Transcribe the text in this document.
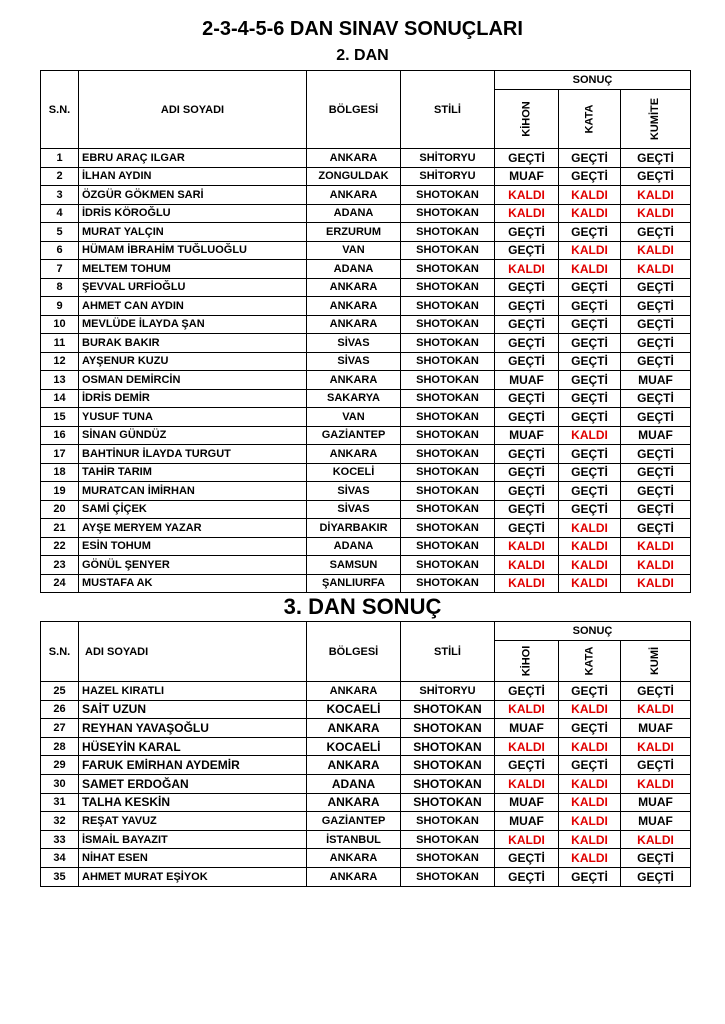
2-3-4-5-6 DAN SINAV SONUÇLARI
2. DAN
S.N.	ADI SOYADI	BÖLGESİ	STİLİ	SONUÇ		
				KİHON	KATA	KUMİTE
1	EBRU ARAÇ ILGAR	ANKARA	SHİTORYU	GEÇTİ	GEÇTİ	GEÇTİ
2	İLHAN AYDIN	ZONGULDAK	SHİTORYU	MUAF	GEÇTİ	GEÇTİ
3	ÖZGÜR GÖKMEN SARİ	ANKARA	SHOTOKAN	KALDI	KALDI	KALDI
4	İDRİS KÖROĞLU	ADANA	SHOTOKAN	KALDI	KALDI	KALDI
5	MURAT YALÇIN	ERZURUM	SHOTOKAN	GEÇTİ	GEÇTİ	GEÇTİ
6	HÜMAM İBRAHİM TUĞLUOĞLU	VAN	SHOTOKAN	GEÇTİ	KALDI	KALDI
7	MELTEM TOHUM	ADANA	SHOTOKAN	KALDI	KALDI	KALDI
8	ŞEVVAL URFİOĞLU	ANKARA	SHOTOKAN	GEÇTİ	GEÇTİ	GEÇTİ
9	AHMET CAN AYDIN	ANKARA	SHOTOKAN	GEÇTİ	GEÇTİ	GEÇTİ
10	MEVLÜDE İLAYDA ŞAN	ANKARA	SHOTOKAN	GEÇTİ	GEÇTİ	GEÇTİ
11	BURAK BAKIR	SİVAS	SHOTOKAN	GEÇTİ	GEÇTİ	GEÇTİ
12	AYŞENUR KUZU	SİVAS	SHOTOKAN	GEÇTİ	GEÇTİ	GEÇTİ
13	OSMAN DEMİRCİN	ANKARA	SHOTOKAN	MUAF	GEÇTİ	MUAF
14	İDRİS DEMİR	SAKARYA	SHOTOKAN	GEÇTİ	GEÇTİ	GEÇTİ
15	YUSUF TUNA	VAN	SHOTOKAN	GEÇTİ	GEÇTİ	GEÇTİ
16	SİNAN GÜNDÜZ	GAZİANTEP	SHOTOKAN	MUAF	KALDI	MUAF
17	BAHTİNUR İLAYDA TURGUT	ANKARA	SHOTOKAN	GEÇTİ	GEÇTİ	GEÇTİ
18	TAHİR TARIM	KOCELİ	SHOTOKAN	GEÇTİ	GEÇTİ	GEÇTİ
19	MURATCAN İMİRHAN	SİVAS	SHOTOKAN	GEÇTİ	GEÇTİ	GEÇTİ
20	SAMİ ÇİÇEK	SİVAS	SHOTOKAN	GEÇTİ	GEÇTİ	GEÇTİ
21	AYŞE MERYEM YAZAR	DİYARBAKIR	SHOTOKAN	GEÇTİ	KALDI	GEÇTİ
22	ESİN TOHUM	ADANA	SHOTOKAN	KALDI	KALDI	KALDI
23	GÖNÜL ŞENYER	SAMSUN	SHOTOKAN	KALDI	KALDI	KALDI
24	MUSTAFA AK	ŞANLIURFA	SHOTOKAN	KALDI	KALDI	KALDI
3. DAN SONUÇ
S.N.	ADI SOYADI	BÖLGESİ	STİLİ	SONUÇ		
				KİHOI	KATA	KUMİ
25	HAZEL KIRATLI	ANKARA	SHİTORYU	GEÇTİ	GEÇTİ	GEÇTİ
26	SAİT UZUN	KOCAELİ	SHOTOKAN	KALDI	KALDI	KALDI
27	REYHAN YAVAŞOĞLU	ANKARA	SHOTOKAN	MUAF	GEÇTİ	MUAF
28	HÜSEYİN KARAL	KOCAELİ	SHOTOKAN	KALDI	KALDI	KALDI
29	FARUK EMİRHAN AYDEMİR	ANKARA	SHOTOKAN	GEÇTİ	GEÇTİ	GEÇTİ
30	SAMET ERDOĞAN	ADANA	SHOTOKAN	KALDI	KALDI	KALDI
31	TALHA KESKİN	ANKARA	SHOTOKAN	MUAF	KALDI	MUAF
32	REŞAT YAVUZ	GAZİANTEP	SHOTOKAN	MUAF	KALDI	MUAF
33	İSMAİL BAYAZIT	İSTANBUL	SHOTOKAN	KALDI	KALDI	KALDI
34	NİHAT ESEN	ANKARA	SHOTOKAN	GEÇTİ	KALDI	GEÇTİ
35	AHMET MURAT EŞİYOK	ANKARA	SHOTOKAN	GEÇTİ	GEÇTİ	GEÇTİ
